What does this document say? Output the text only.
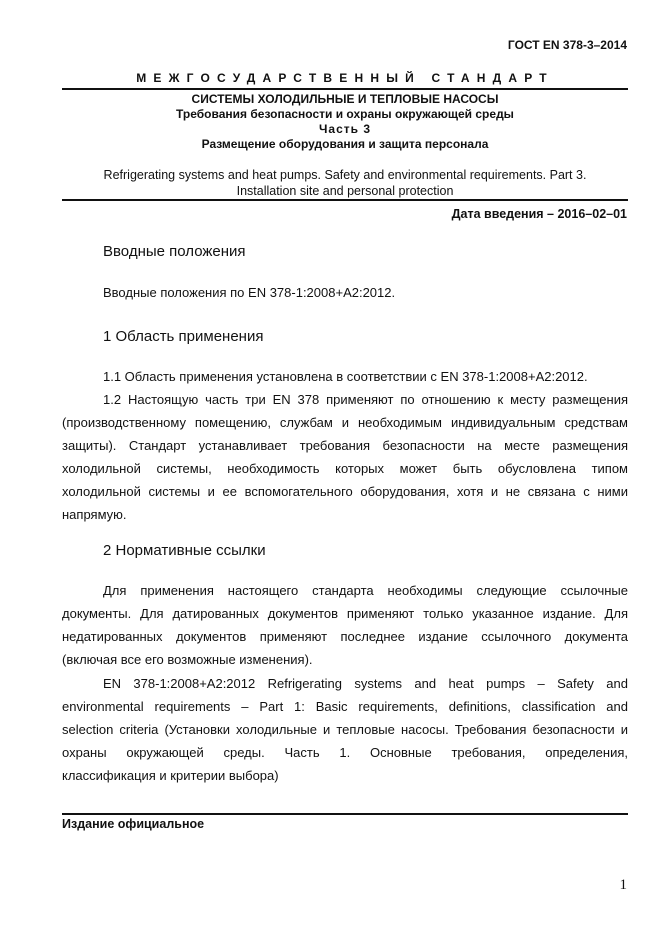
ГОСТ EN 378-3–2014
МЕЖГОСУДАРСТВЕННЫЙ СТАНДАРТ
СИСТЕМЫ ХОЛОДИЛЬНЫЕ И ТЕПЛОВЫЕ НАСОСЫ
Требования безопасности и охраны окружающей среды
Часть 3
Размещение оборудования и защита персонала
Refrigerating systems and heat pumps. Safety and environmental requirements. Part 3.
Installation site and personal protection
Дата введения – 2016–02–01
Вводные положения
Вводные положения по EN 378-1:2008+A2:2012.
1 Область применения
1.1 Область применения установлена в соответствии с EN 378-1:2008+A2:2012.
1.2 Настоящую часть три EN 378 применяют по отношению к месту размещения
(производственному помещению, службам и необходимым индивидуальным средствам
защиты). Стандарт устанавливает требования безопасности на месте размещения
холодильной системы, необходимость которых может быть обусловлена типом
холодильной системы и ее вспомогательного оборудования, хотя и не связана с ними
напрямую.
2 Нормативные ссылки
Для применения настоящего стандарта необходимы следующие ссылочные
документы. Для датированных документов применяют только указанное издание. Для
недатированных документов применяют последнее издание ссылочного документа
(включая все его возможные изменения).
EN 378-1:2008+A2:2012 Refrigerating systems and heat pumps – Safety and
environmental requirements – Part 1: Basic requirements, definitions, classification and
selection criteria (Установки холодильные и тепловые насосы. Требования безопасности и
охраны окружающей среды. Часть 1. Основные требования, определения,
классификация и критерии выбора)
Издание официальное
1
